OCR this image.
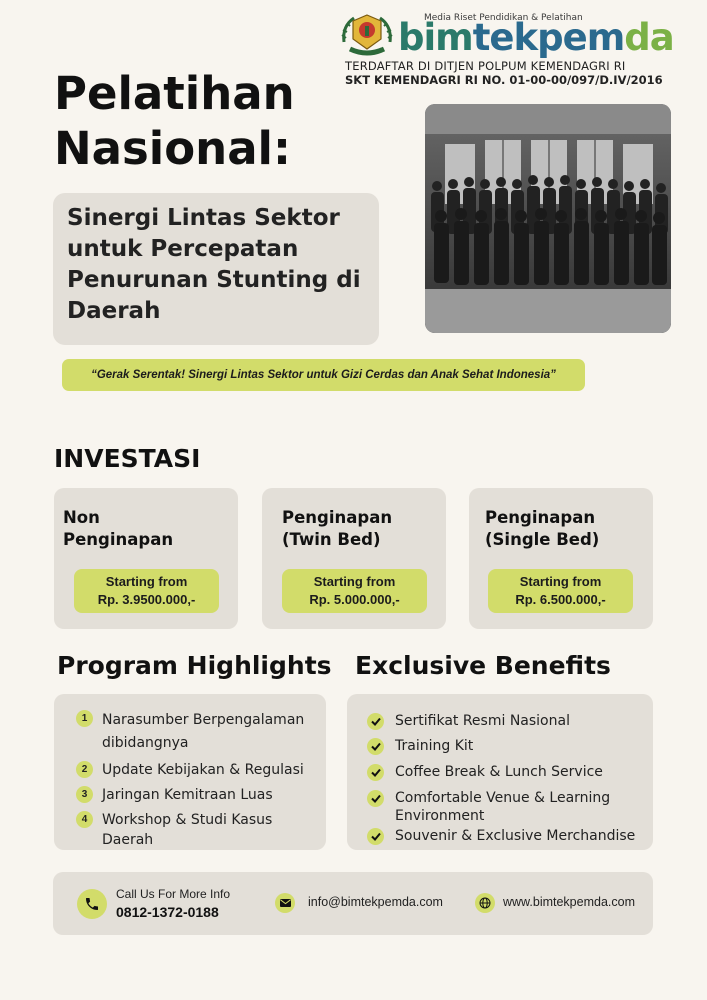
Media Riset Pendidikan & Pelatihan
bimtekpemda
TERDAFTAR DI DITJEN POLPUM KEMENDAGRI RI
SKT KEMENDAGRI RI NO. 01-00-00/097/D.IV/2016
Pelatihan Nasional:
Sinergi Lintas Sektor untuk Percepatan Penurunan Stunting di Daerah
“Gerak Serentak! Sinergi Lintas Sektor untuk Gizi Cerdas dan Anak Sehat Indonesia”
INVESTASI
Non
Penginapan
Starting from
Rp. 3.9500.000,-
Penginapan
(Twin Bed)
Starting from
Rp. 5.000.000,-
Penginapan
(Single Bed)
Starting from
Rp. 6.500.000,-
Program Highlights Exclusive Benefits
1	Narasumber Berpengalaman dibidangnya
2	Update Kebijakan & Regulasi
3	Jaringan Kemitraan Luas
4	Workshop & Studi Kasus Daerah
Sertifikat Resmi Nasional
Training Kit
Coffee Break & Lunch Service
Comfortable Venue & Learning Environment
Souvenir & Exclusive Merchandise
Call Us For More Info
0812-1372-0188
info@bimtekpemda.com	www.bimtekpemda.com
